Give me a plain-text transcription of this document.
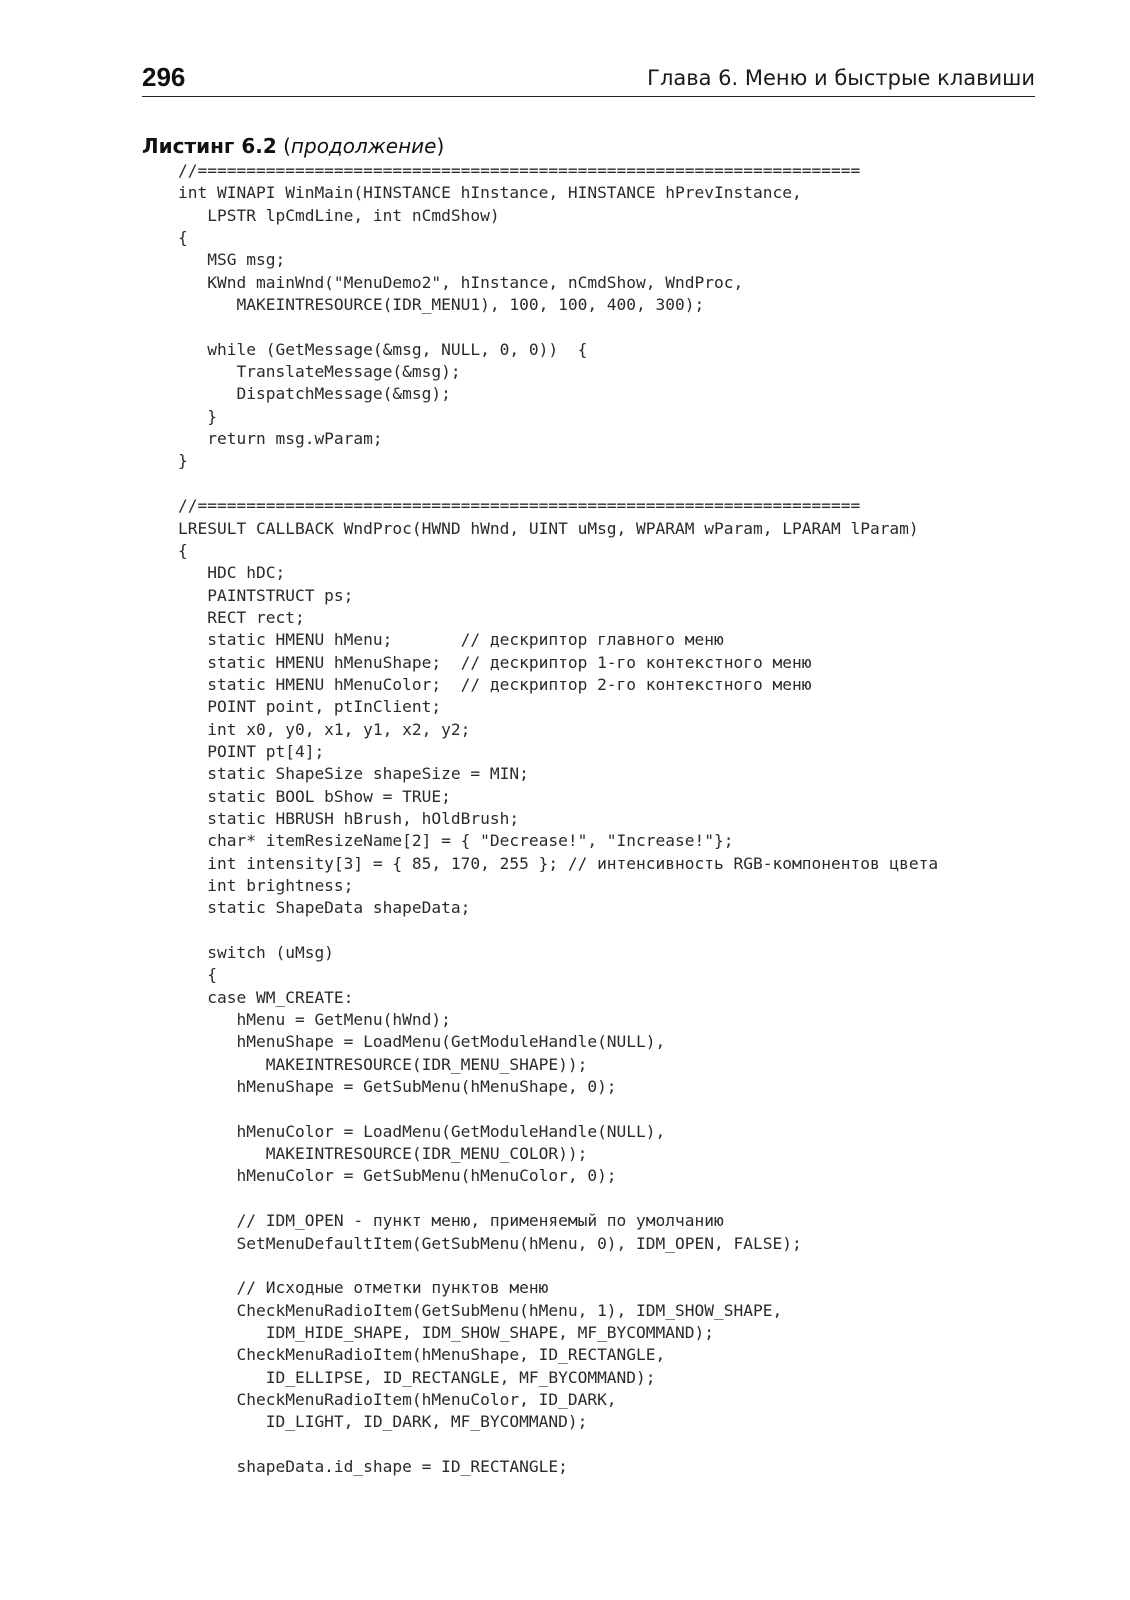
296	Глава 6. Меню и быстрые клавиши
Листинг 6.2 (продолжение)
//====================================================================
int WINAPI WinMain(HINSTANCE hInstance, HINSTANCE hPrevInstance,
LPSTR lpCmdLine, int nCmdShow)
{
MSG msg;
KWnd mainWnd("MenuDemo2", hInstance, nCmdShow, WndProc,
MAKEINTRESOURCE(IDR_MENU1), 100, 100, 400, 300);

while (GetMessage(&msg, NULL, 0, 0))  {
TranslateMessage(&msg);
DispatchMessage(&msg);
}
return msg.wParam;
}

//====================================================================
LRESULT CALLBACK WndProc(HWND hWnd, UINT uMsg, WPARAM wParam, LPARAM lParam)
{
HDC hDC;
PAINTSTRUCT ps;
RECT rect;
static HMENU hMenu;       // дескриптор главного меню
static HMENU hMenuShape;  // дескриптор 1-го контекстного меню
static HMENU hMenuColor;  // дескриптор 2-го контекстного меню
POINT point, ptInClient;
int x0, y0, x1, y1, x2, y2;
POINT pt[4];
static ShapeSize shapeSize = MIN;
static BOOL bShow = TRUE;
static HBRUSH hBrush, hOldBrush;
char* itemResizeName[2] = { "Decrease!", "Increase!"};
int intensity[3] = { 85, 170, 255 }; // интенсивность RGB-компонентов цвета
int brightness;
static ShapeData shapeData;

switch (uMsg)
{
case WM_CREATE:
hMenu = GetMenu(hWnd);
hMenuShape = LoadMenu(GetModuleHandle(NULL),
MAKEINTRESOURCE(IDR_MENU_SHAPE));
hMenuShape = GetSubMenu(hMenuShape, 0);

hMenuColor = LoadMenu(GetModuleHandle(NULL),
MAKEINTRESOURCE(IDR_MENU_COLOR));
hMenuColor = GetSubMenu(hMenuColor, 0);

// IDM_OPEN - пункт меню, применяемый по умолчанию
SetMenuDefaultItem(GetSubMenu(hMenu, 0), IDM_OPEN, FALSE);

// Исходные отметки пунктов меню
CheckMenuRadioItem(GetSubMenu(hMenu, 1), IDM_SHOW_SHAPE,
IDM_HIDE_SHAPE, IDM_SHOW_SHAPE, MF_BYCOMMAND);
CheckMenuRadioItem(hMenuShape, ID_RECTANGLE,
ID_ELLIPSE, ID_RECTANGLE, MF_BYCOMMAND);
CheckMenuRadioItem(hMenuColor, ID_DARK,
ID_LIGHT, ID_DARK, MF_BYCOMMAND);

shapeData.id_shape = ID_RECTANGLE;
